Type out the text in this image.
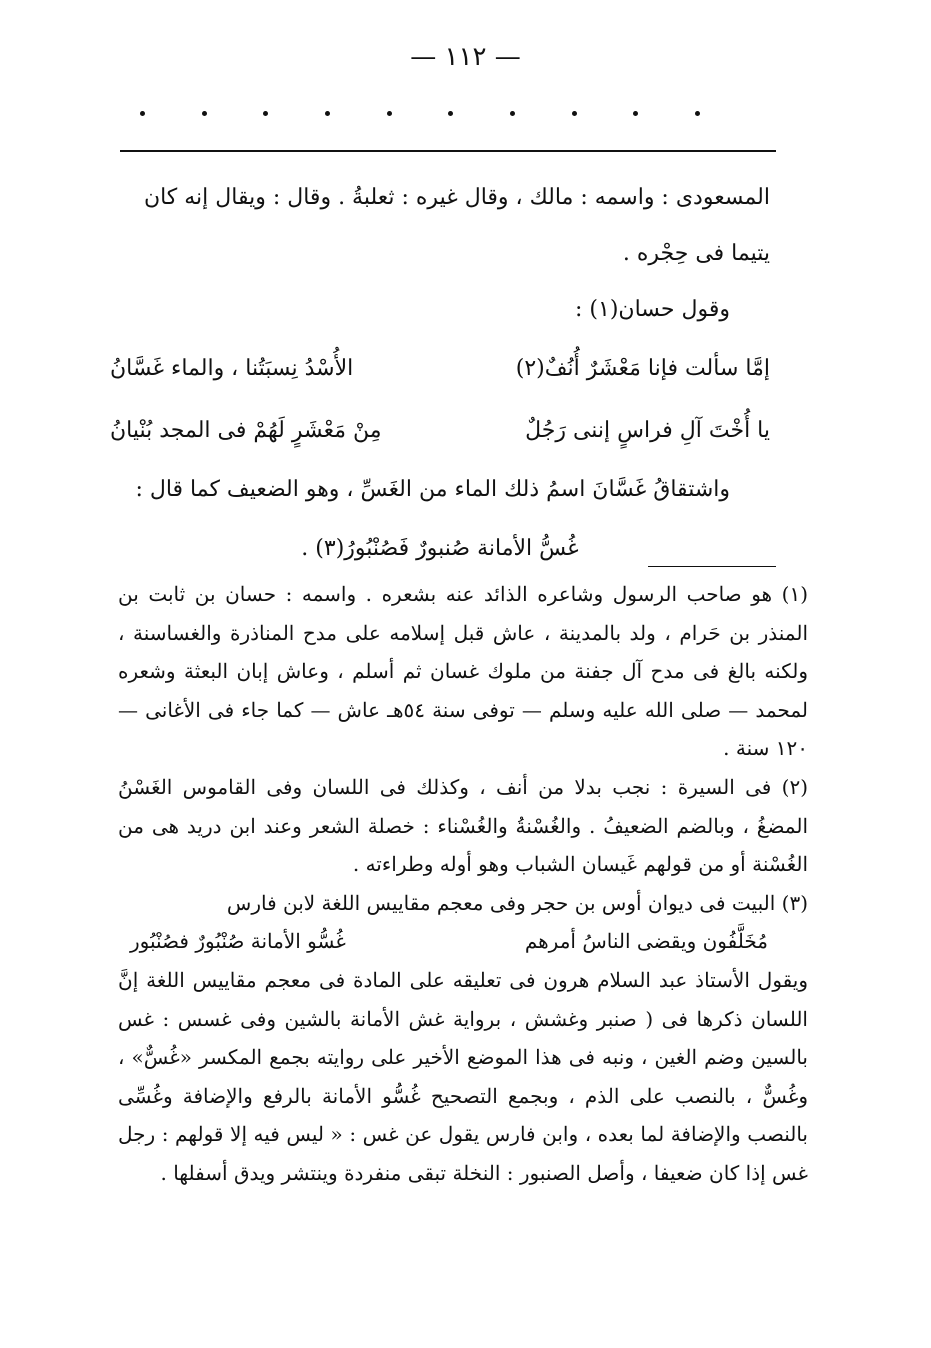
— ١١٢ —

المسعودى : واسمه : مالك ، وقال غيره : ثعلبةُ . وقال : ويقال إنه كان يتيما فى حِجْره .

وقول حسان(١) :

إمَّا سألت فإنا مَعْشَرٌ أُنُفٌ(٢)
الأُسْدُ نِسبَتُنا ، والماء غَسَّانُ
يا أُخْتَ آلِ فراسٍ إننى رَجُلٌ
مِنْ مَعْشَرٍ لَهُمْ فى المجد بُنْيانُ

واشتقاقُ غَسَّانَ اسمُ ذلك الماء من الغَسِّ ، وهو الضعيف كما قال :

غُسُّ الأمانة صُنبورٌ فَصُنْبُورُ(٣) .

(١) هو صاحب الرسول وشاعره الذائد عنه بشعره . واسمه : حسان بن ثابت بن المنذر بن حَرام ، ولد بالمدينة ، عاش قبل إسلامه على مدح المناذرة والغساسنة ، ولكنه بالغ فى مدح آل جفنة من ملوك غسان ثم أسلم ، وعاش إبان البعثة وشعره لمحمد — صلى الله عليه وسلم — توفى سنة ٥٤هـ عاش — كما جاء فى الأغانى — ١٢٠ سنة .

(٢) فى السيرة : نجب بدلا من أنف ، وكذلك فى اللسان وفى القاموس الغَسْنُ المضغُ ، وبالضم الضعيفُ . والغُسْنةُ والغُسْناء : خصلة الشعر وعند ابن دريد هى من الغُسْنة أو من قولهم غَيسان الشباب وهو أوله وطراءته .

(٣) البيت فى ديوان أوس بن حجر وفى معجم مقاييس اللغة لابن فارس

مُخَلَّفُون ويقضى الناسُ أمرهم
غُسُّو الأمانة صُنْبُورٌ فصُنْبُور

ويقول الأستاذ عبد السلام هرون فى تعليقه على المادة فى معجم مقاييس اللغة إنَّ اللسان ذكرها فى ( صنبر وغشش ، برواية غش الأمانة بالشين وفى غسس : غس بالسين وضم الغين ، ونبه فى هذا الموضع الأخير على روايته بجمع المكسر «غُسٌّ» ، وغُسٌّ ، بالنصب على الذم ، وبجمع التصحيح غُسُّو الأمانة بالرفع والإضافة وغُسِّى بالنصب والإضافة لما بعده ، وابن فارس يقول عن غس : « ليس فيه إلا قولهم : رجل غس إذا كان ضعيفا ، وأصل الصنبور : النخلة تبقى منفردة وينتشر ويدق أسفلها .
